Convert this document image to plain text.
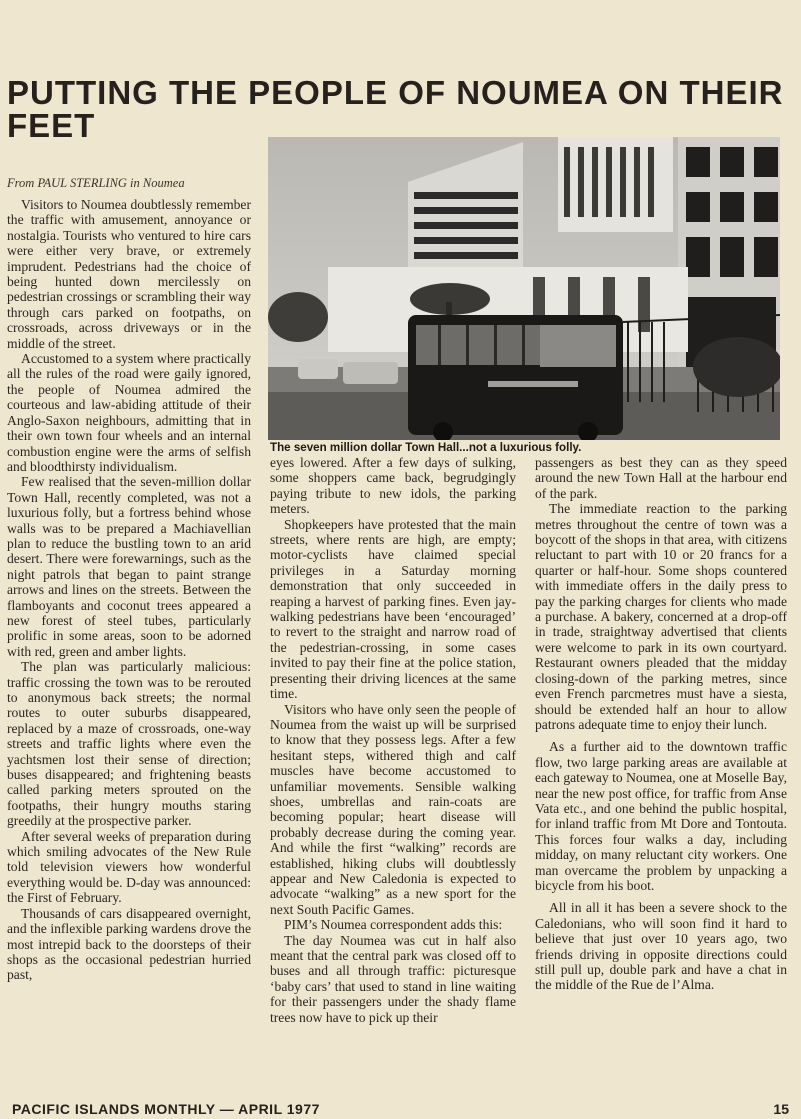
PUTTING THE PEOPLE OF NOUMEA ON THEIR FEET
From PAUL STERLING in Noumea
The seven million dollar Town Hall...not a luxurious folly.

Visitors to Noumea doubtlessly remember the traffic with amusement, annoyance or nostalgia. Tourists who ventured to hire cars were either very brave, or extremely imprudent. Pedestrians had the choice of being hunted down mercilessly on pedestrian crossings or scrambling their way through cars parked on footpaths, on crossroads, across driveways or in the middle of the street.

Accustomed to a system where practically all the rules of the road were gaily ignored, the people of Noumea admired the courteous and law-abiding attitude of their Anglo-Saxon neighbours, admitting that in their own town four wheels and an internal combustion engine were the arms of selfish and bloodthirsty individualism.

Few realised that the seven-million dollar Town Hall, recently completed, was not a luxurious folly, but a fortress behind whose walls was to be prepared a Machiavellian plan to reduce the bustling town to an arid desert. There were forewarnings, such as the night patrols that began to paint strange arrows and lines on the streets. Between the flamboyants and coconut trees appeared a new forest of steel tubes, particularly prolific in some areas, soon to be adorned with red, green and amber lights.

The plan was particularly malicious: traffic crossing the town was to be rerouted to anonymous back streets; the normal routes to outer suburbs disappeared, replaced by a maze of crossroads, one-way streets and traffic lights where even the yachtsmen lost their sense of direction; buses disappeared; and frightening beasts called parking meters sprouted on the footpaths, their hungry mouths staring greedily at the prospective parker.

After several weeks of preparation during which smiling advocates of the New Rule told television viewers how wonderful everything would be. D-day was announced: the First of February.

Thousands of cars disappeared overnight, and the inflexible parking wardens drove the most intrepid back to the doorsteps of their shops as the occasional pedestrian hurried past,

eyes lowered. After a few days of sulking, some shoppers came back, begrudgingly paying tribute to new idols, the parking meters.

Shopkeepers have protested that the main streets, where rents are high, are empty; motor-cyclists have claimed special privileges in a Saturday morning demonstration that only succeeded in reaping a harvest of parking fines. Even jay-walking pedestrians have been ‘encouraged’ to revert to the straight and narrow road of the pedestrian-crossing, in some cases invited to pay their fine at the police station, presenting their driving licences at the same time.

Visitors who have only seen the people of Noumea from the waist up will be surprised to know that they possess legs. After a few hesitant steps, withered thigh and calf muscles have become accustomed to unfamiliar movements. Sensible walking shoes, umbrellas and rain-coats are becoming popular; heart disease will probably decrease during the coming year. And while the first “walking” records are established, hiking clubs will doubtlessly appear and New Caledonia is expected to advocate “walking” as a new sport for the next South Pacific Games.

PIM’s Noumea correspondent adds this:

The day Noumea was cut in half also meant that the central park was closed off to buses and all through traffic: picturesque ‘baby cars’ that used to stand in line waiting for their passengers under the shady flame trees now have to pick up their

passengers as best they can as they speed around the new Town Hall at the harbour end of the park.

The immediate reaction to the parking metres throughout the centre of town was a boycott of the shops in that area, with citizens reluctant to part with 10 or 20 francs for a quarter or half-hour. Some shops countered with immediate offers in the daily press to pay the parking charges for clients who made a purchase. A bakery, concerned at a drop-off in trade, straightway advertised that clients were welcome to park in its own courtyard. Restaurant owners pleaded that the midday closing-down of the parking metres, since even French parcmetres must have a siesta, should be extended half an hour to allow patrons adequate time to enjoy their lunch.

As a further aid to the downtown traffic flow, two large parking areas are available at each gateway to Noumea, one at Moselle Bay, near the new post office, for traffic from Anse Vata etc., and one behind the public hospital, for inland traffic from Mt Dore and Tontouta. This forces four walks a day, including midday, on many reluctant city workers. One man overcame the problem by unpacking a bicycle from his boot.

All in all it has been a severe shock to the Caledonians, who will soon find it hard to believe that just over 10 years ago, two friends driving in opposite directions could still pull up, double park and have a chat in the middle of the Rue de l’Alma.

PACIFIC ISLANDS MONTHLY — APRIL 1977	15
